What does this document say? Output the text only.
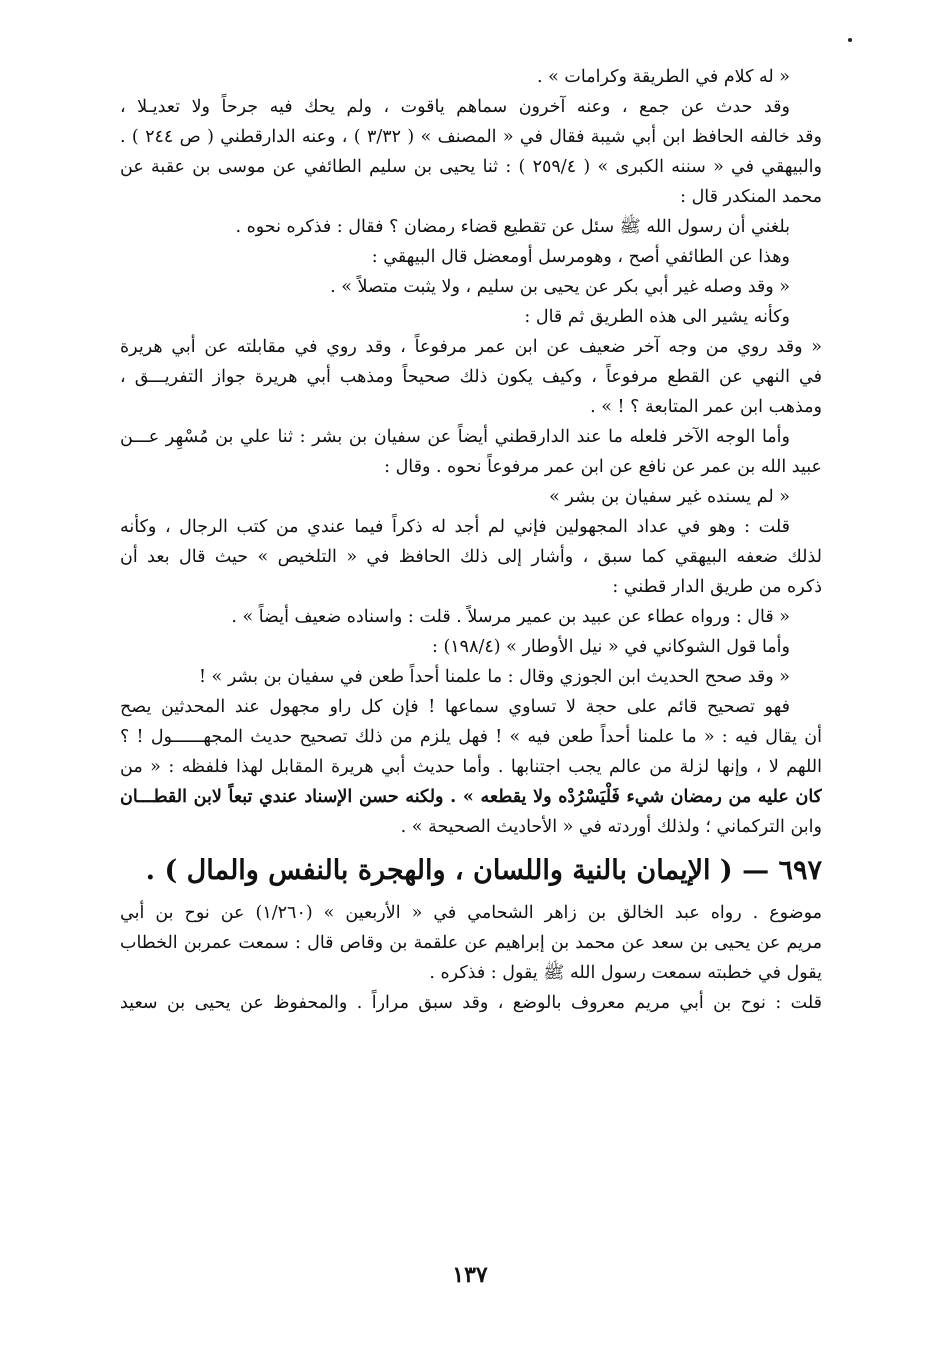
« له كلام في الطريقة وكرامات » .
وقد حدث عن جمع ، وعنه آخرون سماهم ياقوت ، ولم يحك فيه جرحاً ولا تعديـلا ،
وقد خالفه الحافظ ابن أبي شيبة فقال في « المصنف » ( ٣/٣٢ ) ، وعنه الدارقطني ( ص ٢٤٤ ) .
والبيهقي في « سننه الكبرى » ( ٢٥٩/٤ ) : ثنا يحيى بن سليم الطائفي عن موسى بن عقبة عن
محمد المنكدر قال :
بلغني أن رسول الله ﷺ سئل عن تقطيع قضاء رمضان ؟ فقال : فذكره نحوه .
وهذا عن الطائفي أصح ، وهومرسل أومعضل قال البيهقي :
« وقد وصله غير أبي بكر عن يحيى بن سليم ، ولا يثبت متصلاً » .
وكأنه يشير الى هذه الطريق ثم قال :
« وقد روي من وجه آخر ضعيف عن ابن عمر مرفوعاً ، وقد روي في مقابلته عن أبي هريرة
في النهي عن القطع مرفوعاً ، وكيف يكون ذلك صحيحاً ومذهب أبي هريرة جواز التفريـــق ،
ومذهب ابن عمر المتابعة ؟ ! » .
وأما الوجه الآخر فلعله ما عند الدارقطني أيضاً عن سفيان بن بشر : ثنا علي بن مُسْهِر عـــن
عبيد الله بن عمر عن نافع عن ابن عمر مرفوعاً نحوه . وقال :
« لم يسنده غير سفيان بن بشر »
قلت : وهو في عداد المجهولين فإني لم أجد له ذكراً فيما عندي من كتب الرجال ، وكأنه
لذلك ضعفه البيهقي كما سبق ، وأشار إلى ذلك الحافظ في « التلخيص » حيث قال بعد أن
ذكره من طريق الدار قطني :
« قال : ورواه عطاء عن عبيد بن عمير مرسلاً . قلت : واسناده ضعيف أيضاً » .
وأما قول الشوكاني في « نيل الأوطار » (١٩٨/٤) :
« وقد صحح الحديث ابن الجوزي وقال : ما علمنا أحداً طعن في سفيان بن بشر » !
فهو تصحيح قائم على حجة لا تساوي سماعها ! فإن كل راو مجهول عند المحدثين يصح
أن يقال فيه : « ما علمنا أحداً طعن فيه » ! فهل يلزم من ذلك تصحيح حديث المجهــــــول ! ؟
اللهم لا ، وإنها لزلة من عالم يجب اجتنابها . وأما حديث أبي هريرة المقابل لهذا فلفظه : « من
كان عليه من رمضان شيء فَلْيَسْرُدْه ولا يقطعه » . ولكنه حسن الإسناد عندي تبعاً لابن القطـــان
وابن التركماني ؛ ولذلك أوردته في « الأحاديث الصحيحة » .
٦٩٧ — ( الإيمان بالنية واللسان ، والهجرة بالنفس والمال ) .
موضوع . رواه عبد الخالق بن زاهر الشحامي في « الأربعين » (١/٢٦٠) عن نوح بن أبي
مريم عن يحيى بن سعد عن محمد بن إبراهيم عن علقمة بن وقاص قال : سمعت عمربن الخطاب
يقول في خطبته سمعت رسول الله ﷺ يقول : فذكره .
قلت : نوح بن أبي مريم معروف بالوضع ، وقد سبق مراراً . والمحفوظ عن يحيى بن سعيد
١٣٧
